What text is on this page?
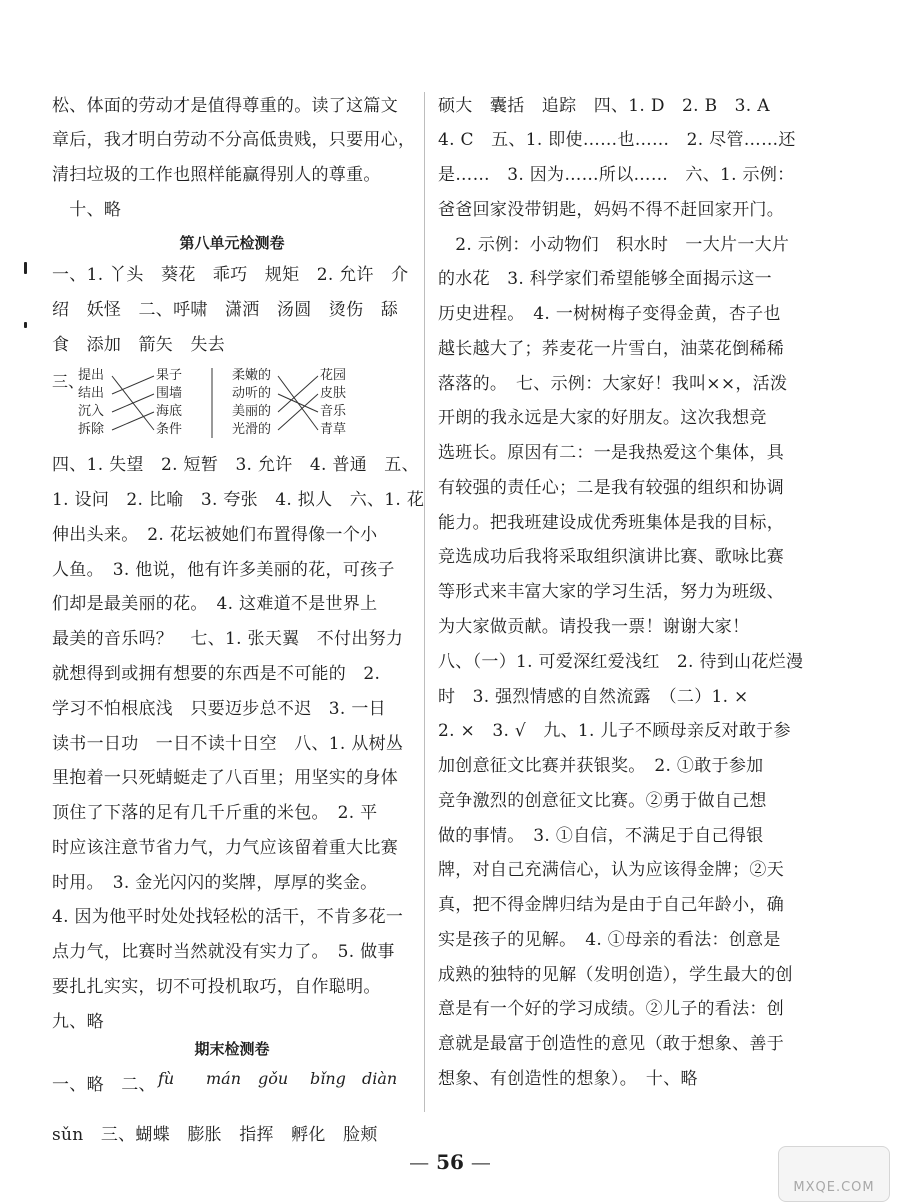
松、体面的劳动才是值得尊重的。读了这篇文
章后，我才明白劳动不分高低贵贱，只要用心，
清扫垃圾的工作也照样能赢得别人的尊重。
　十、略
第八单元检测卷
一、1. 丫头　葵花　乖巧　规矩　2. 允许　介
绍　妖怪　二、呼啸　潇洒　汤圆　烫伤　舔
食　添加　箭矢　失去
三、
提出
结出
沉入
拆除
果子
围墙
海底
条件
柔嫩的
动听的
美丽的
光滑的
花园
皮肤
音乐
青草
四、1. 失望　2. 短暂　3. 允许　4. 普通　五、
1. 设问　2. 比喻　3. 夸张　4. 拟人　六、1. 花
伸出头来。　2. 花坛被她们布置得像一个小
人鱼。　3. 他说，他有许多美丽的花，可孩子
们却是最美丽的花。　4. 这难道不是世界上
最美的音乐吗？　七、1. 张天翼　不付出努力
就想得到或拥有想要的东西是不可能的　2.
学习不怕根底浅　只要迈步总不迟　3. 一日
读书一日功　一日不读十日空　八、1. 从树丛
里抱着一只死蜻蜓走了八百里；用坚实的身体
顶住了下落的足有几千斤重的米包。　2. 平
时应该注意节省力气，力气应该留着重大比赛
时用。　3. 金光闪闪的奖牌，厚厚的奖金。
4. 因为他平时处处找轻松的活干，不肯多花一
点力气，比赛时当然就没有实力了。　5. 做事
要扎扎实实，切不可投机取巧，自作聪明。
九、略
期末检测卷
一、略　二、 fù mán gǒu bǐng diàn
sǔn　三、蝴蝶　膨胀　指挥　孵化　脸颊
硕大　囊括　追踪　四、1. D　2. B　3. A
4. C　五、1. 即使……也……　2. 尽管……还
是……　3. 因为……所以……　六、1. 示例：
爸爸回家没带钥匙，妈妈不得不赶回家开门。
　2. 示例：小动物们　积水时　一大片一大片
的水花　3. 科学家们希望能够全面揭示这一
历史进程。　4. 一树树梅子变得金黄，杏子也
越长越大了；荞麦花一片雪白，油菜花倒稀稀
落落的。　七、示例：大家好！我叫××，活泼
开朗的我永远是大家的好朋友。这次我想竞
选班长。原因有二：一是我热爱这个集体，具
有较强的责任心；二是我有较强的组织和协调
能力。把我班建设成优秀班集体是我的目标，
竞选成功后我将采取组织演讲比赛、歌咏比赛
等形式来丰富大家的学习生活，努力为班级、
为大家做贡献。请投我一票！谢谢大家！
八、（一）1. 可爱深红爱浅红　2. 待到山花烂漫
时　3. 强烈情感的自然流露　（二）1. ×
2. ×　3. √　九、1. 儿子不顾母亲反对敢于参
加创意征文比赛并获银奖。　2. ①敢于参加
竞争激烈的创意征文比赛。②勇于做自己想
做的事情。　3. ①自信，不满足于自己得银
牌，对自己充满信心，认为应该得金牌；②天
真，把不得金牌归结为是由于自己年龄小，确
实是孩子的见解。　4. ①母亲的看法：创意是
成熟的独特的见解（发明创造），学生最大的创
意是有一个好的学习成绩。②儿子的看法：创
意就是最富于创造性的意见（敢于想象、善于
想象、有创造性的想象）。　十、略
— 56 —
MXQE.COM
